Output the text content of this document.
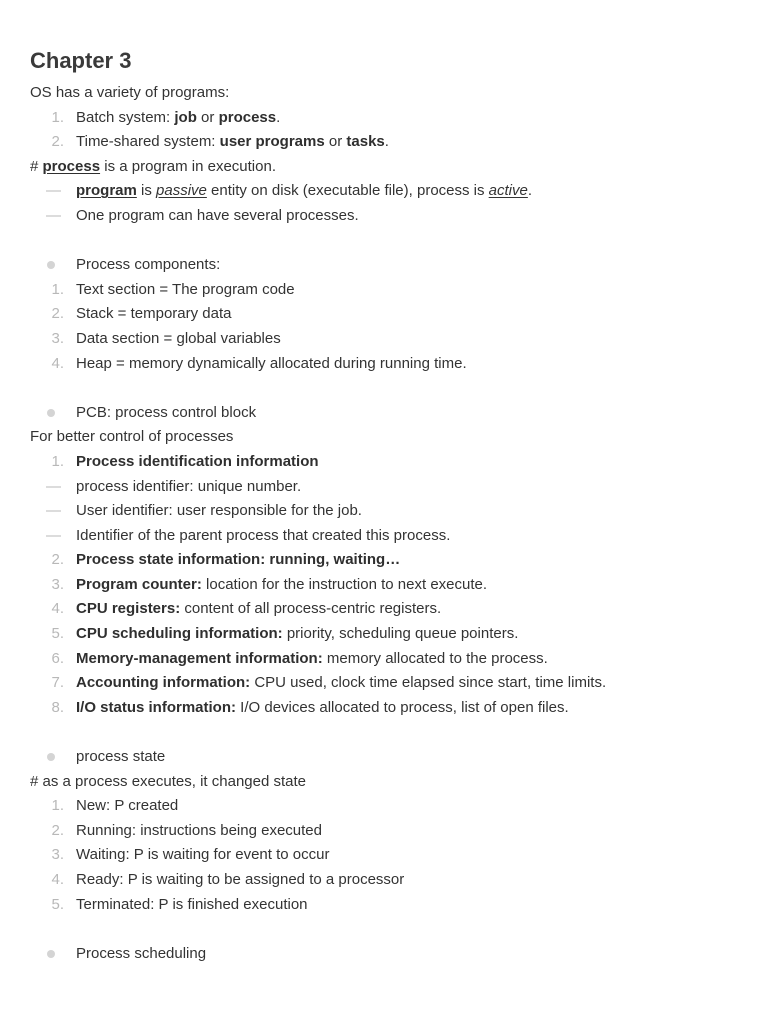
Chapter 3
OS has a variety of programs:
1. Batch system: job or process.
2. Time-shared system: user programs or tasks.
# process is a program in execution.
— program is passive entity on disk (executable file), process is active.
— One program can have several processes.
Process components:
1. Text section = The program code
2. Stack = temporary data
3. Data section = global variables
4. Heap = memory dynamically allocated during running time.
PCB: process control block
For better control of processes
1. Process identification information
— process identifier: unique number.
— User identifier: user responsible for the job.
— Identifier of the parent process that created this process.
2. Process state information: running, waiting…
3. Program counter: location for the instruction to next execute.
4. CPU registers: content of all process-centric registers.
5. CPU scheduling information: priority, scheduling queue pointers.
6. Memory-management information: memory allocated to the process.
7. Accounting information: CPU used, clock time elapsed since start, time limits.
8. I/O status information: I/O devices allocated to process, list of open files.
process state
# as a process executes, it changed state
1. New: P created
2. Running: instructions being executed
3. Waiting: P is waiting for event to occur
4. Ready: P is waiting to be assigned to a processor
5. Terminated: P is finished execution
Process scheduling
